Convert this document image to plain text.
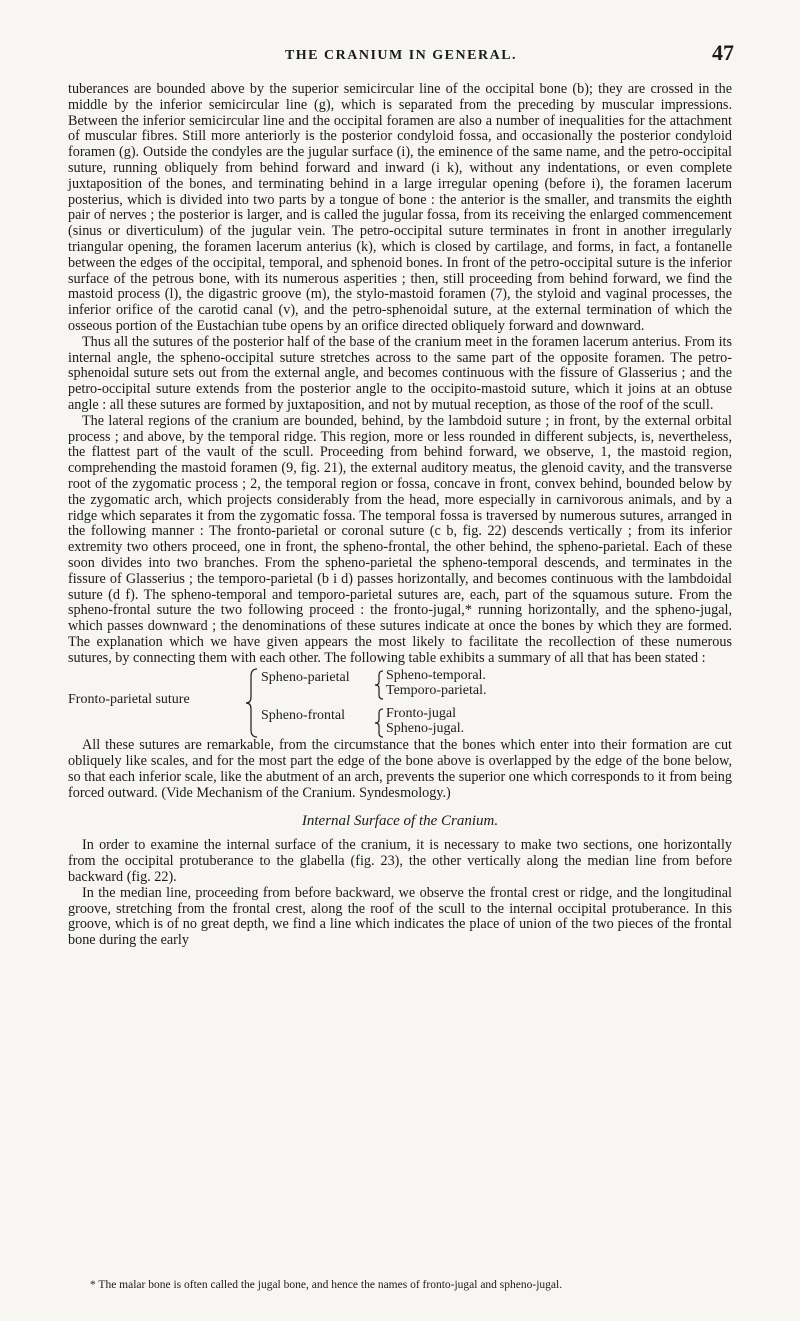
THE CRANIUM IN GENERAL.	47

tuberances are bounded above by the superior semicircular line of the occipital bone (b); they are crossed in the middle by the inferior semicircular line (g), which is separated from the preceding by muscular impressions. Between the inferior semicircular line and the occipital foramen are also a number of inequalities for the attachment of muscular fibres. Still more anteriorly is the posterior condyloid fossa, and occasionally the posterior condyloid foramen (g). Outside the condyles are the jugular surface (i), the eminence of the same name, and the petro-occipital suture, running obliquely from behind forward and inward (i k), without any indentations, or even complete juxtaposition of the bones, and terminating behind in a large irregular opening (before i), the foramen lacerum posterius, which is divided into two parts by a tongue of bone : the anterior is the smaller, and transmits the eighth pair of nerves ; the posterior is larger, and is called the jugular fossa, from its receiving the enlarged commencement (sinus or diverticulum) of the jugular vein. The petro-occipital suture terminates in front in another irregularly triangular opening, the foramen lacerum anterius (k), which is closed by cartilage, and forms, in fact, a fontanelle between the edges of the occipital, temporal, and sphenoid bones. In front of the petro-occipital suture is the inferior surface of the petrous bone, with its numerous asperities ; then, still proceeding from behind forward, we find the mastoid process (l), the digastric groove (m), the stylo-mastoid foramen (7), the styloid and vaginal processes, the inferior orifice of the carotid canal (v), and the petro-sphenoidal suture, at the external termination of which the osseous portion of the Eustachian tube opens by an orifice directed obliquely forward and downward.

Thus all the sutures of the posterior half of the base of the cranium meet in the foramen lacerum anterius. From its internal angle, the spheno-occipital suture stretches across to the same part of the opposite foramen. The petro-sphenoidal suture sets out from the external angle, and becomes continuous with the fissure of Glasserius ; and the petro-occipital suture extends from the posterior angle to the occipito-mastoid suture, which it joins at an obtuse angle : all these sutures are formed by juxtaposition, and not by mutual reception, as those of the roof of the scull.

The lateral regions of the cranium are bounded, behind, by the lambdoid suture ; in front, by the external orbital process ; and above, by the temporal ridge. This region, more or less rounded in different subjects, is, nevertheless, the flattest part of the vault of the scull. Proceeding from behind forward, we observe, 1, the mastoid region, comprehending the mastoid foramen (9, fig. 21), the external auditory meatus, the glenoid cavity, and the transverse root of the zygomatic process ; 2, the temporal region or fossa, concave in front, convex behind, bounded below by the zygomatic arch, which projects considerably from the head, more especially in carnivorous animals, and by a ridge which separates it from the zygomatic fossa. The temporal fossa is traversed by numerous sutures, arranged in the following manner : The fronto-parietal or coronal suture (c b, fig. 22) descends vertically ; from its inferior extremity two others proceed, one in front, the spheno-frontal, the other behind, the spheno-parietal. Each of these soon divides into two branches. From the spheno-parietal the spheno-temporal descends, and terminates in the fissure of Glasserius ; the temporo-parietal (b i d) passes horizontally, and becomes continuous with the lambdoidal suture (d f). The spheno-temporal and temporo-parietal sutures are, each, part of the squamous suture. From the spheno-frontal suture the two following proceed : the fronto-jugal,* running horizontally, and the spheno-jugal, which passes downward ; the denominations of these sutures indicate at once the bones by which they are formed. The explanation which we have given appears the most likely to facilitate the recollection of these numerous sutures, by connecting them with each other. The following table exhibits a summary of all that has been stated :

Fronto-parietal suture
Spheno-parietal
Spheno-frontal
Spheno-temporal.
Temporo-parietal.
Fronto-jugal
Spheno-jugal.

All these sutures are remarkable, from the circumstance that the bones which enter into their formation are cut obliquely like scales, and for the most part the edge of the bone above is overlapped by the edge of the bone below, so that each inferior scale, like the abutment of an arch, prevents the superior one which corresponds to it from being forced outward. (Vide Mechanism of the Cranium. Syndesmology.)

Internal Surface of the Cranium.

In order to examine the internal surface of the cranium, it is necessary to make two sections, one horizontally from the occipital protuberance to the glabella (fig. 23), the other vertically along the median line from before backward (fig. 22).

In the median line, proceeding from before backward, we observe the frontal crest or ridge, and the longitudinal groove, stretching from the frontal crest, along the roof of the scull to the internal occipital protuberance. In this groove, which is of no great depth, we find a line which indicates the place of union of the two pieces of the frontal bone during the early

* The malar bone is often called the jugal bone, and hence the names of fronto-jugal and spheno-jugal.
